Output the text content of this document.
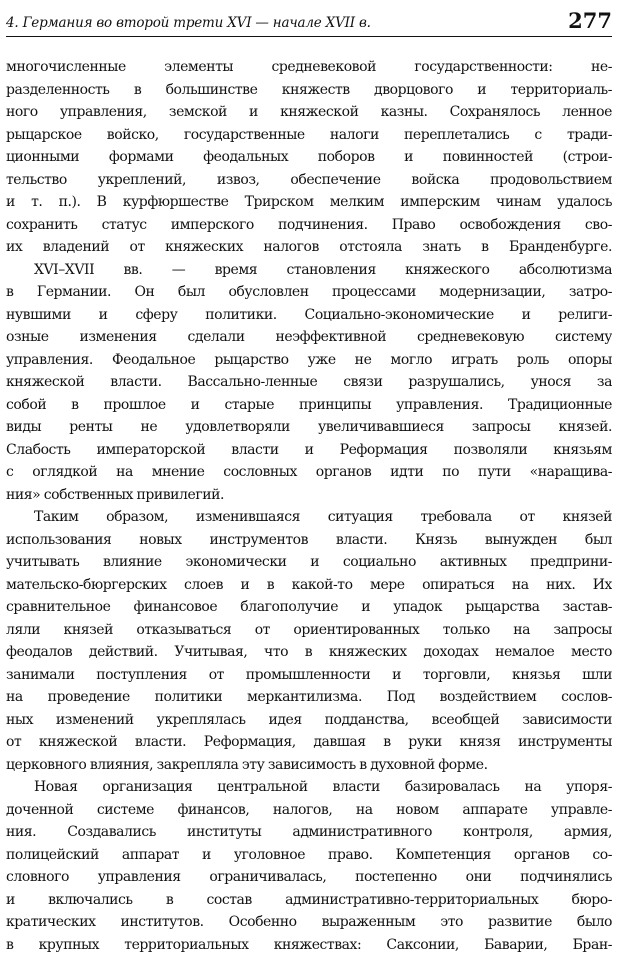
4. Германия во второй трети XVI — начале XVII в.	277
многочисленные элементы средневековой государственности: не-
разделенность в большинстве княжеств дворцового и территориаль-
ного управления, земской и княжеской казны. Сохранялось ленное
рыцарское войско, государственные налоги переплетались с тради-
ционными формами феодальных поборов и повинностей (строи-
тельство укреплений, извоз, обеспечение войска продовольствием
и т. п.). В курфюршестве Трирском мелким имперским чинам удалось
сохранить статус имперского подчинения. Право освобождения сво-
их владений от княжеских налогов отстояла знать в Бранденбурге.
XVI–XVII вв. — время становления княжеского абсолютизма
в Германии. Он был обусловлен процессами модернизации, затро-
нувшими и сферу политики. Социально-экономические и религи-
озные изменения сделали неэффективной средневековую систему
управления. Феодальное рыцарство уже не могло играть роль опоры
княжеской власти. Вассально-ленные связи разрушались, унося за
собой в прошлое и старые принципы управления. Традиционные
виды ренты не удовлетворяли увеличивавшиеся запросы князей.
Слабость императорской власти и Реформация позволяли князьям
с оглядкой на мнение сословных органов идти по пути «наращива-
ния» собственных привилегий.
Таким образом, изменившаяся ситуация требовала от князей
использования новых инструментов власти. Князь вынужден был
учитывать влияние экономически и социально активных предприни-
мательско-бюргерских слоев и в какой-то мере опираться на них. Их
сравнительное финансовое благополучие и упадок рыцарства застав-
ляли князей отказываться от ориентированных только на запросы
феодалов действий. Учитывая, что в княжеских доходах немалое место
занимали поступления от промышленности и торговли, князья шли
на проведение политики меркантилизма. Под воздействием сослов-
ных изменений укреплялась идея подданства, всеобщей зависимости
от княжеской власти. Реформация, давшая в руки князя инструменты
церковного влияния, закрепляла эту зависимость в духовной форме.
Новая организация центральной власти базировалась на упоря-
доченной системе финансов, налогов, на новом аппарате управле-
ния. Создавались институты административного контроля, армия,
полицейский аппарат и уголовное право. Компетенция органов со-
словного управления ограничивалась, постепенно они подчинялись
и включались в состав административно-территориальных бюро-
кратических институтов. Особенно выраженным это развитие было
в крупных территориальных княжествах: Саксонии, Баварии, Бран-
